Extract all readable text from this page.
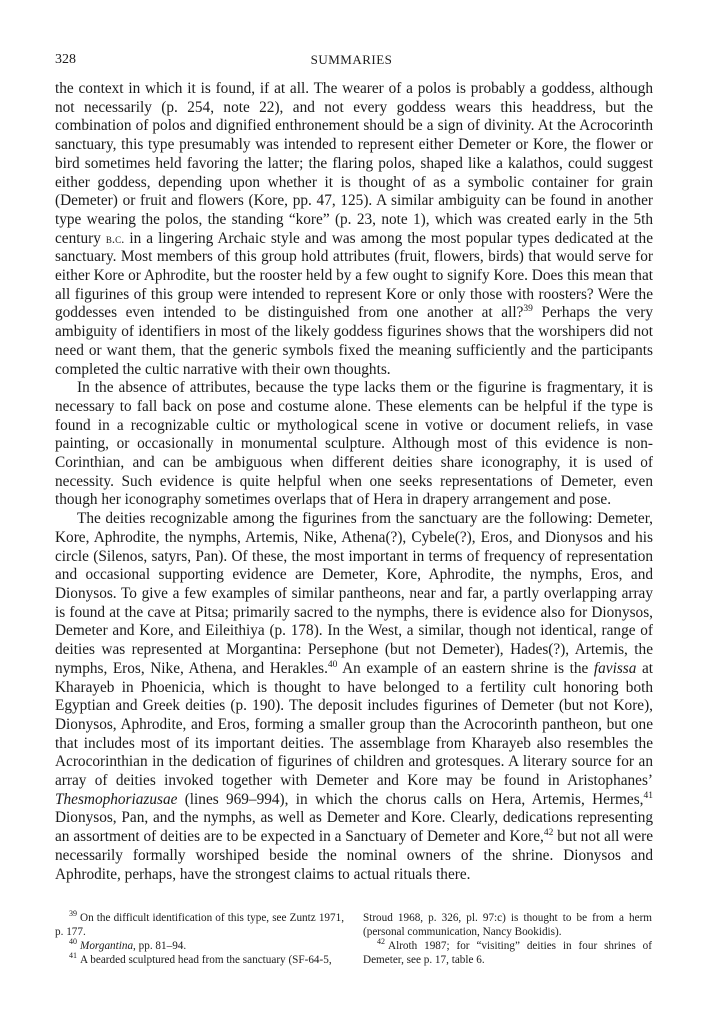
328	SUMMARIES

the context in which it is found, if at all. The wearer of a polos is probably a goddess, although not necessarily (p. 254, note 22), and not every goddess wears this headdress, but the combination of polos and dignified enthronement should be a sign of divinity. At the Acrocorinth sanctuary, this type presumably was intended to represent either Demeter or Kore, the flower or bird sometimes held favoring the latter; the flaring polos, shaped like a kalathos, could suggest either goddess, depending upon whether it is thought of as a symbolic container for grain (Demeter) or fruit and flowers (Kore, pp. 47, 125). A similar ambiguity can be found in another type wearing the polos, the standing “kore” (p. 23, note 1), which was created early in the 5th century b.c. in a lingering Archaic style and was among the most popular types dedicated at the sanctuary. Most members of this group hold attributes (fruit, flowers, birds) that would serve for either Kore or Aphrodite, but the rooster held by a few ought to signify Kore. Does this mean that all figurines of this group were intended to represent Kore or only those with roosters? Were the goddesses even intended to be distinguished from one another at all?$^{39}$ Perhaps the very ambiguity of identifiers in most of the likely goddess figurines shows that the worshipers did not need or want them, that the generic symbols fixed the meaning sufficiently and the participants completed the cultic narrative with their own thoughts.

In the absence of attributes, because the type lacks them or the figurine is fragmentary, it is necessary to fall back on pose and costume alone. These elements can be helpful if the type is found in a recognizable cultic or mythological scene in votive or document reliefs, in vase painting, or occasionally in monumental sculpture. Although most of this evidence is non-Corinthian, and can be ambiguous when different deities share iconography, it is used of necessity. Such evidence is quite helpful when one seeks representations of Demeter, even though her iconography sometimes overlaps that of Hera in drapery arrangement and pose.

The deities recognizable among the figurines from the sanctuary are the following: Demeter, Kore, Aphrodite, the nymphs, Artemis, Nike, Athena(?), Cybele(?), Eros, and Dionysos and his circle (Silenos, satyrs, Pan). Of these, the most important in terms of frequency of representation and occasional supporting evidence are Demeter, Kore, Aphrodite, the nymphs, Eros, and Dionysos. To give a few examples of similar pantheons, near and far, a partly overlapping array is found at the cave at Pitsa; primarily sacred to the nymphs, there is evidence also for Dionysos, Demeter and Kore, and Eileithiya (p. 178). In the West, a similar, though not identical, range of deities was represented at Morgantina: Persephone (but not Demeter), Hades(?), Artemis, the nymphs, Eros, Nike, Athena, and Herakles.$^{40}$ An example of an eastern shrine is the favissa at Kharayeb in Phoenicia, which is thought to have belonged to a fertility cult honoring both Egyptian and Greek deities (p. 190). The deposit includes figurines of Demeter (but not Kore), Dionysos, Aphrodite, and Eros, forming a smaller group than the Acrocorinth pantheon, but one that includes most of its important deities. The assemblage from Kharayeb also resembles the Acrocorinthian in the dedication of figurines of children and grotesques. A literary source for an array of deities invoked together with Demeter and Kore may be found in Aristophanes’ Thesmophoriazusae (lines 969–994), in which the chorus calls on Hera, Artemis, Hermes,$^{41}$ Dionysos, Pan, and the nymphs, as well as Demeter and Kore. Clearly, dedications representing an assortment of deities are to be expected in a Sanctuary of Demeter and Kore,$^{42}$ but not all were necessarily formally worshiped beside the nominal owners of the shrine. Dionysos and Aphrodite, perhaps, have the strongest claims to actual rituals there.

$^{39}$ On the difficult identification of this type, see Zuntz 1971, p. 177.

$^{40}$ Morgantina, pp. 81–94.

$^{41}$ A bearded sculptured head from the sanctuary (SF-64-5,

Stroud 1968, p. 326, pl. 97:c) is thought to be from a herm (personal communication, Nancy Bookidis).

$^{42}$ Alroth 1987; for “visiting” deities in four shrines of Demeter, see p. 17, table 6.
